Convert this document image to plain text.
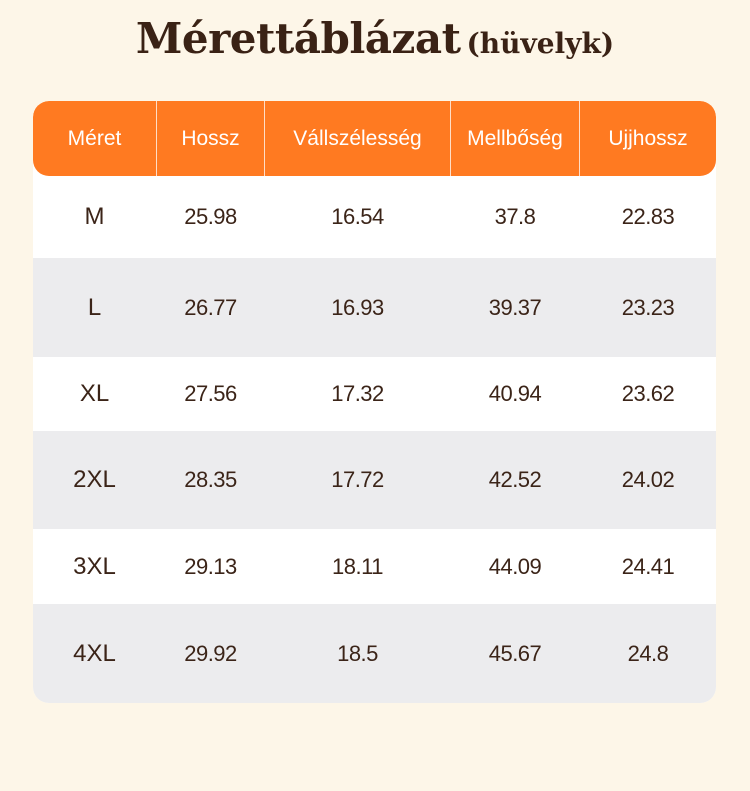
Mérettáblázat (hüvelyk)
M	25.98	16.54	37.8	22.83
L	26.77	16.93	39.37	23.23
XL	27.56	17.32	40.94	23.62
2XL	28.35	17.72	42.52	24.02
3XL	29.13	18.11	44.09	24.41
4XL	29.92	18.5	45.67	24.8
Méret	Hossz	Vállszélesség	Mellbőség	Ujjhossz
